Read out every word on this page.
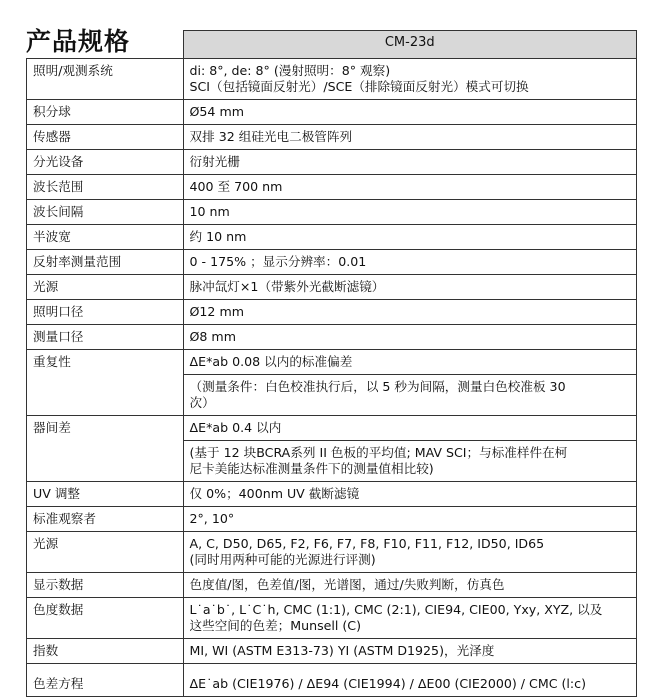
产品规格
		CM-23d
照明/观测系统	di: 8°, de: 8° (漫射照明：8° 观察)
SCI（包括镜面反射光）/SCE（排除镜面反射光）模式可切换

积分球	Ø54 mm

传感器	双排 32 组硅光电二极管阵列

分光设备	衍射光栅

波长范围	400 至 700 nm

波长间隔	10 nm

半波宽	约 10 nm

反射率测量范围	0 - 175% ；显示分辨率：0.01

光源	脉冲氙灯×1（带紫外光截断滤镜）

照明口径	Ø12 mm

测量口径	Ø8 mm

重复性	ΔE*ab 0.08 以内的标准偏差

	（测量条件：白色校准执行后，以 5 秒为间隔，测量白色校准板 30
次）

器间差	ΔE*ab 0.4 以内

	(基于 12 块BCRA系列 II 色板的平均值; MAV SCI；与标准样件在柯
尼卡美能达标准测量条件下的测量值相比较)

UV 调整	仅 0%；400nm UV 截断滤镜

标准观察者	2°, 10°

光源	A, C, D50, D65, F2, F6, F7, F8, F10, F11, F12, ID50, ID65
(同时用两种可能的光源进行评测)

显示数据	色度值/图，色差值/图，光谱图，通过/失败判断，仿真色

色度数据	L˙a˙b˙, L˙C˙h, CMC (1:1), CMC (2:1), CIE94, CIE00, Yxy, XYZ, 以及
这些空间的色差；Munsell (C)

指数	MI, WI (ASTM E313-73) YI (ASTM D1925)，光泽度

色差方程	ΔE˙ab (CIE1976) / ΔE94 (CIE1994) / ΔE00 (CIE2000) / CMC (l:c)
